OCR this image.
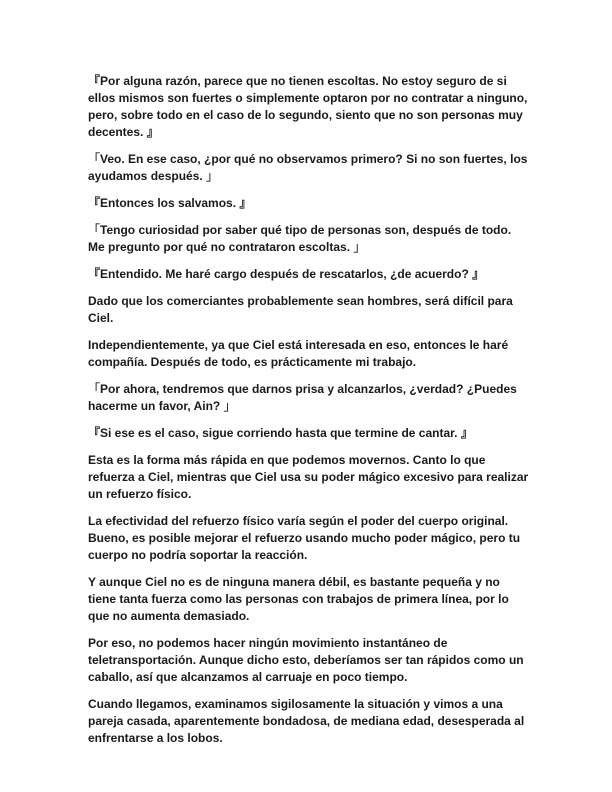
『Por alguna razón, parece que no tienen escoltas. No estoy seguro de si ellos mismos son fuertes o simplemente optaron por no contratar a ninguno, pero, sobre todo en el caso de lo segundo, siento que no son personas muy decentes. 』

「Veo. En ese caso, ¿por qué no observamos primero? Si no son fuertes, los ayudamos después. 」

『Entonces los salvamos. 』

「Tengo curiosidad por saber qué tipo de personas son, después de todo. Me pregunto por qué no contrataron escoltas. 」

『Entendido. Me haré cargo después de rescatarlos, ¿de acuerdo? 』

Dado que los comerciantes probablemente sean hombres, será difícil para Ciel.

Independientemente, ya que Ciel está interesada en eso, entonces le haré compañía. Después de todo, es prácticamente mi trabajo.

「Por ahora, tendremos que darnos prisa y alcanzarlos, ¿verdad? ¿Puedes hacerme un favor, Ain? 」

『Si ese es el caso, sigue corriendo hasta que termine de cantar. 』

Esta es la forma más rápida en que podemos movernos. Canto lo que refuerza a Ciel, mientras que Ciel usa su poder mágico excesivo para realizar un refuerzo físico.

La efectividad del refuerzo físico varía según el poder del cuerpo original. Bueno, es posible mejorar el refuerzo usando mucho poder mágico, pero tu cuerpo no podría soportar la reacción.

Y aunque Ciel no es de ninguna manera débil, es bastante pequeña y no tiene tanta fuerza como las personas con trabajos de primera línea, por lo que no aumenta demasiado.

Por eso, no podemos hacer ningún movimiento instantáneo de teletransportación. Aunque dicho esto, deberíamos ser tan rápidos como un caballo, así que alcanzamos al carruaje en poco tiempo.

Cuando llegamos, examinamos sigilosamente la situación y vimos a una pareja casada, aparentemente bondadosa, de mediana edad, desesperada al enfrentarse a los lobos.
